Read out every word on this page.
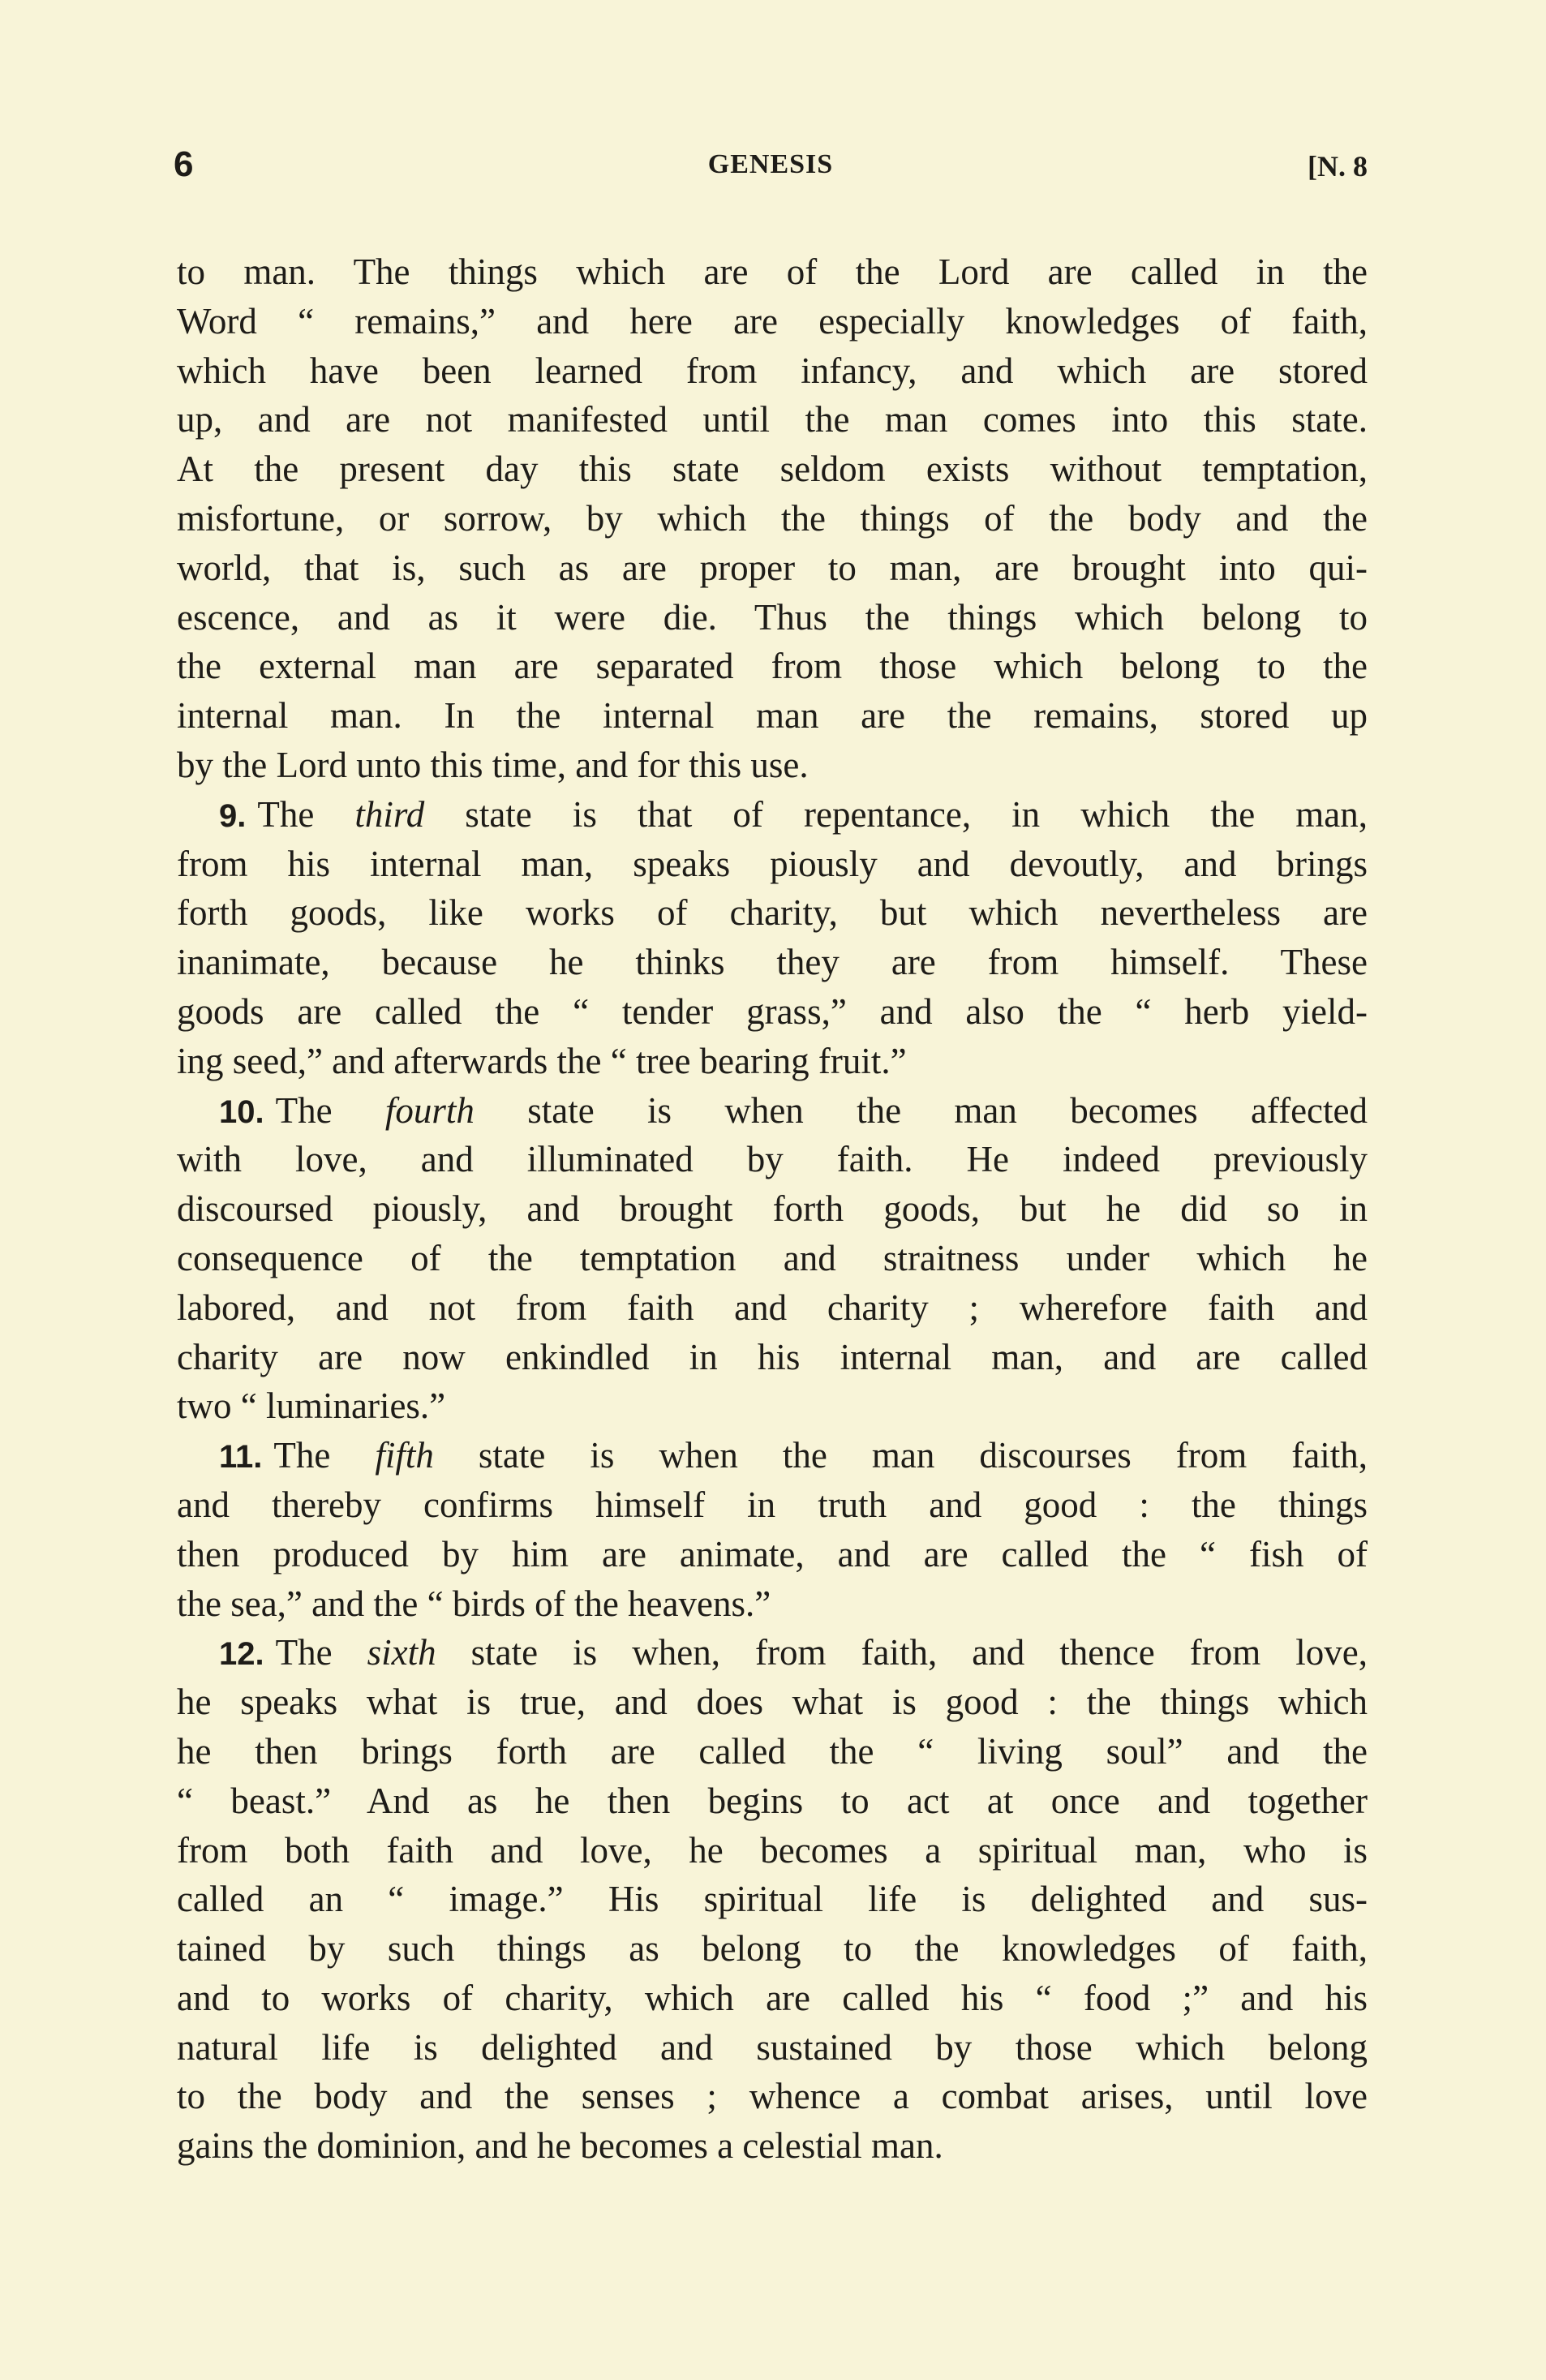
6	GENESIS	[N. 8
to man. The things which are of the Lord are called in the
Word “ remains,” and here are especially knowledges of faith,
which have been learned from infancy, and which are stored
up, and are not manifested until the man comes into this state.
At the present day this state seldom exists without temptation,
misfortune, or sorrow, by which the things of the body and the
world, that is, such as are proper to man, are brought into qui-
escence, and as it were die. Thus the things which belong to
the external man are separated from those which belong to the
internal man. In the internal man are the remains, stored up
by the Lord unto this time, and for this use.
9. The third state is that of repentance, in which the man,
from his internal man, speaks piously and devoutly, and brings
forth goods, like works of charity, but which nevertheless are
inanimate, because he thinks they are from himself. These
goods are called the “ tender grass,” and also the “ herb yield-
ing seed,” and afterwards the “ tree bearing fruit.”
10. The fourth state is when the man becomes affected
with love, and illuminated by faith. He indeed previously
discoursed piously, and brought forth goods, but he did so in
consequence of the temptation and straitness under which he
labored, and not from faith and charity ; wherefore faith and
charity are now enkindled in his internal man, and are called
two “ luminaries.”
11. The fifth state is when the man discourses from faith,
and thereby confirms himself in truth and good : the things
then produced by him are animate, and are called the “ fish of
the sea,” and the “ birds of the heavens.”
12. The sixth state is when, from faith, and thence from love,
he speaks what is true, and does what is good : the things which
he then brings forth are called the “ living soul” and the
“ beast.” And as he then begins to act at once and together
from both faith and love, he becomes a spiritual man, who is
called an “ image.” His spiritual life is delighted and sus-
tained by such things as belong to the knowledges of faith,
and to works of charity, which are called his “ food ;” and his
natural life is delighted and sustained by those which belong
to the body and the senses ; whence a combat arises, until love
gains the dominion, and he becomes a celestial man.
